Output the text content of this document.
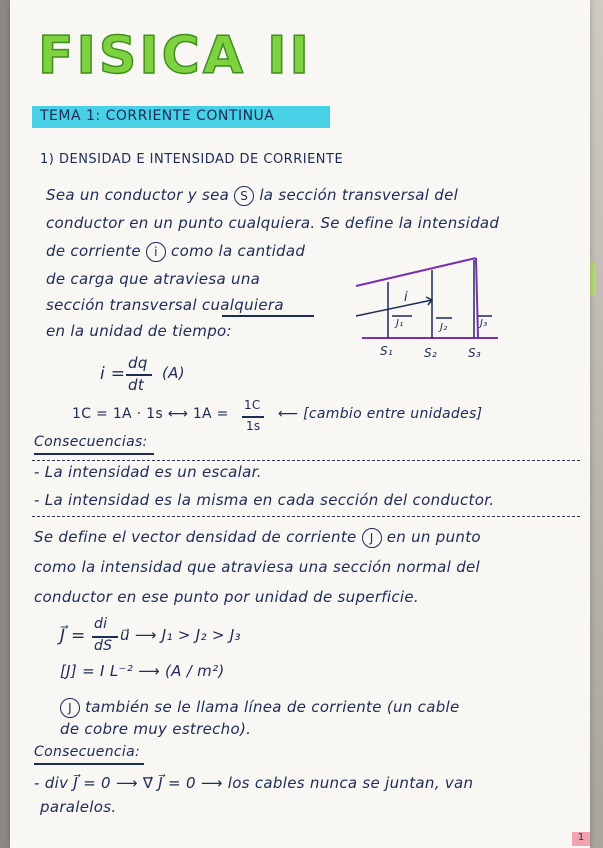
FISICA II
TEMA 1: CORRIENTE CONTINUA
1) DENSIDAD E INTENSIDAD DE CORRIENTE
Sea un conductor y sea S la sección transversal del
conductor en un punto cualquiera. Se define la intensidad
de corriente i como la cantidad
de carga que atraviesa una
sección transversal cualquiera
en la unidad de tiempo:
i
J₁	J₂	J₃
S₁	S₂	S₃
i =
dq
dt
(A)
1C = 1A · 1s ⟷ 1A =
1C
1s
⟵ [cambio entre unidades]
Consecuencias:
- La intensidad es un escalar.
- La intensidad es la misma en cada sección del conductor.
Se define el vector densidad de corriente J en un punto
como la intensidad que atraviesa una sección normal del
conductor en ese punto por unidad de superficie.
J⃗ =
di
dS
u⃗ ⟶ J₁ > J₂ > J₃
[J] = I L⁻² ⟶ (A / m²)
J también se le llama línea de corriente (un cable
de cobre muy estrecho).
Consecuencia:
- div J⃗ = 0 ⟶ ∇⃗ J⃗ = 0 ⟶ los cables nunca se juntan, van
paralelos.
1
